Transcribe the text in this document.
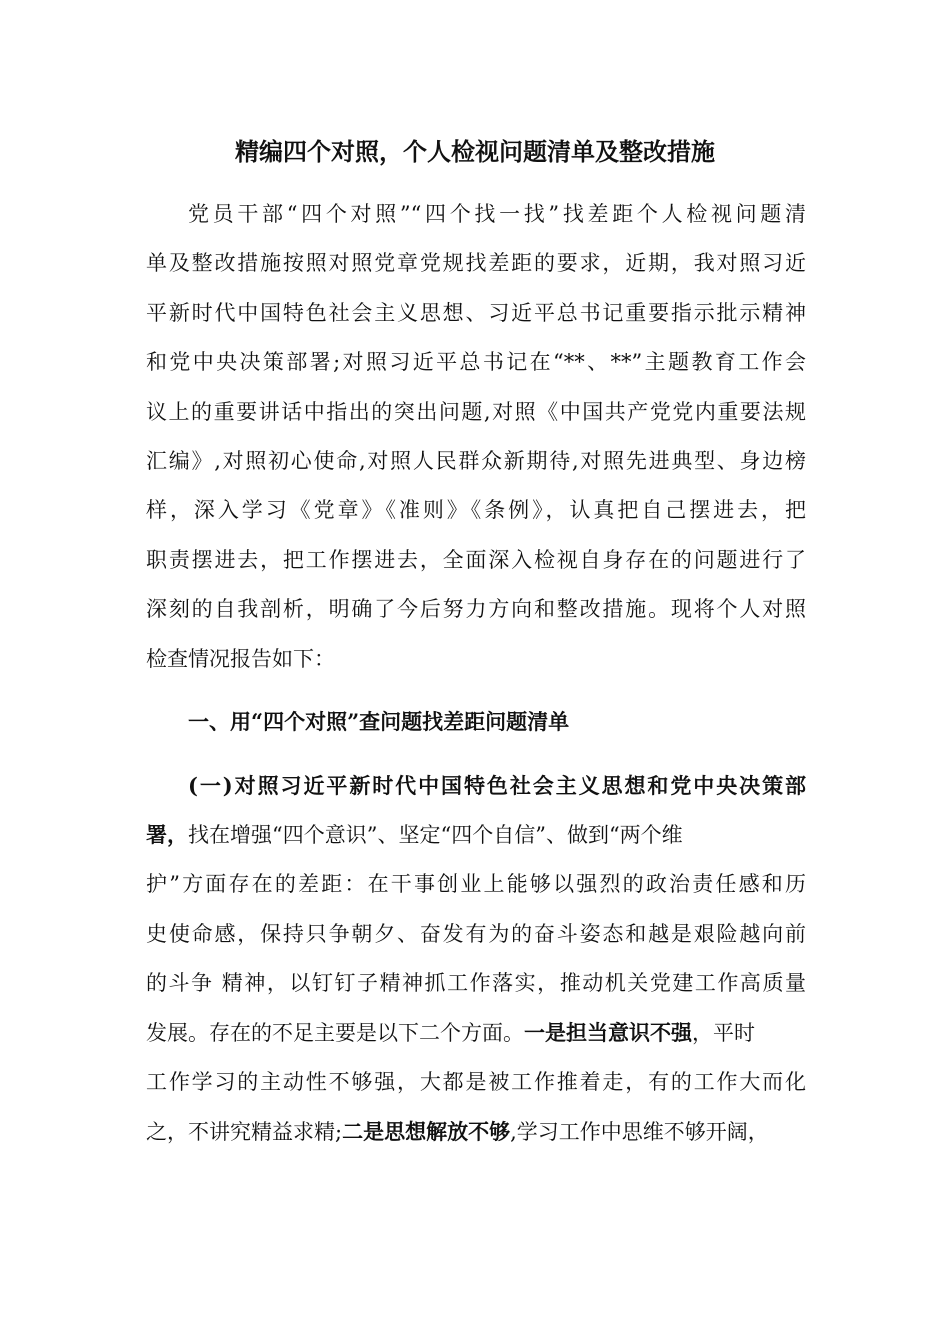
精编四个对照，个人检视问题清单及整改措施
党员干部“四个对照”“四个找一找”找差距个人检视问题清
单及整改措施按照对照党章党规找差距的要求，近期，我对照习近
平新时代中国特色社会主义思想、习近平总书记重要指示批示精神
和党中央决策部署;对照习近平总书记在“**、**”主题教育工作会
议上的重要讲话中指出的突出问题,对照《中国共产党党内重要法规
汇编》,对照初心使命,对照人民群众新期待,对照先进典型、身边榜
样，深入学习《党章》《准则》《条例》，认真把自己摆进去，把
职责摆进去，把工作摆进去，全面深入检视自身存在的问题进行了
深刻的自我剖析，明确了今后努力方向和整改措施。现将个人对照
检查情况报告如下：
一、用“四个对照”查问题找差距问题清单
(一)对照习近平新时代中国特色社会主义思想和党中央决策部
署，找在增强“四个意识”、坚定“四个自信”、做到“两个维
护”方面存在的差距：在干事创业上能够以强烈的政治责任感和历
史使命感，保持只争朝夕、奋发有为的奋斗姿态和越是艰险越向前
的斗争 精神，以钉钉子精神抓工作落实，推动机关党建工作高质量
发展。存在的不足主要是以下二个方面。一是担当意识不强，平时
工作学习的主动性不够强，大都是被工作推着走，有的工作大而化
之，不讲究精益求精;二是思想解放不够,学习工作中思维不够开阔，
